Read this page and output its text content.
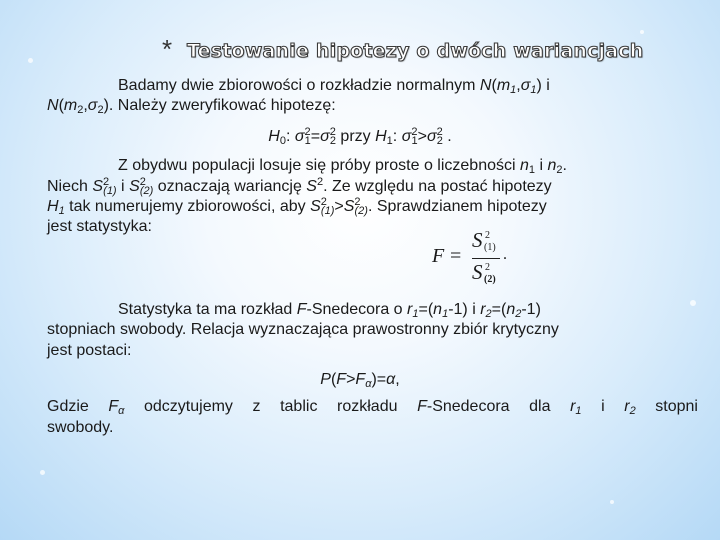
* Testowanie hipotezy o dwóch wariancjach
Badamy dwie zbiorowości o rozkładzie normalnym $N(m_1,\sigma_1)$ i
$N(m_2,\sigma_2)$. Należy zweryfikować hipotezę:
$H_0$: $\sigma^2_1=\sigma^2_2$ przy $H_1$: $\sigma^2_1>\sigma^2_2$ .
Z obydwu populacji losuje się próby proste o liczebności $n_1$ i $n_2$.
Niech $S^2_{(1)}$ i $S^2_{(2)}$ oznaczają wariancję $S^2$. Ze względu na postać hipotezy
$H_1$ tak numerujemy zbiorowości, aby $S^2_{(1)}>S^2_{(2)}$. Sprawdzianem hipotezy
jest statystyka:
F =
S 2
(1)
S 2
(2)
.
Statystyka ta ma rozkład F-Snedecora o $r_1=(n_1-1)$ i $r_2=(n_2-1)$
stopniach swobody. Relacja wyznaczająca prawostronny zbiór krytyczny
jest postaci:
$P(F>F_\alpha)=\alpha$,
Gdzie $F_\alpha$ odczytujemy z tablic rozkładu F-Snedecora dla $r_1$ i $r_2$ stopni
swobody.
